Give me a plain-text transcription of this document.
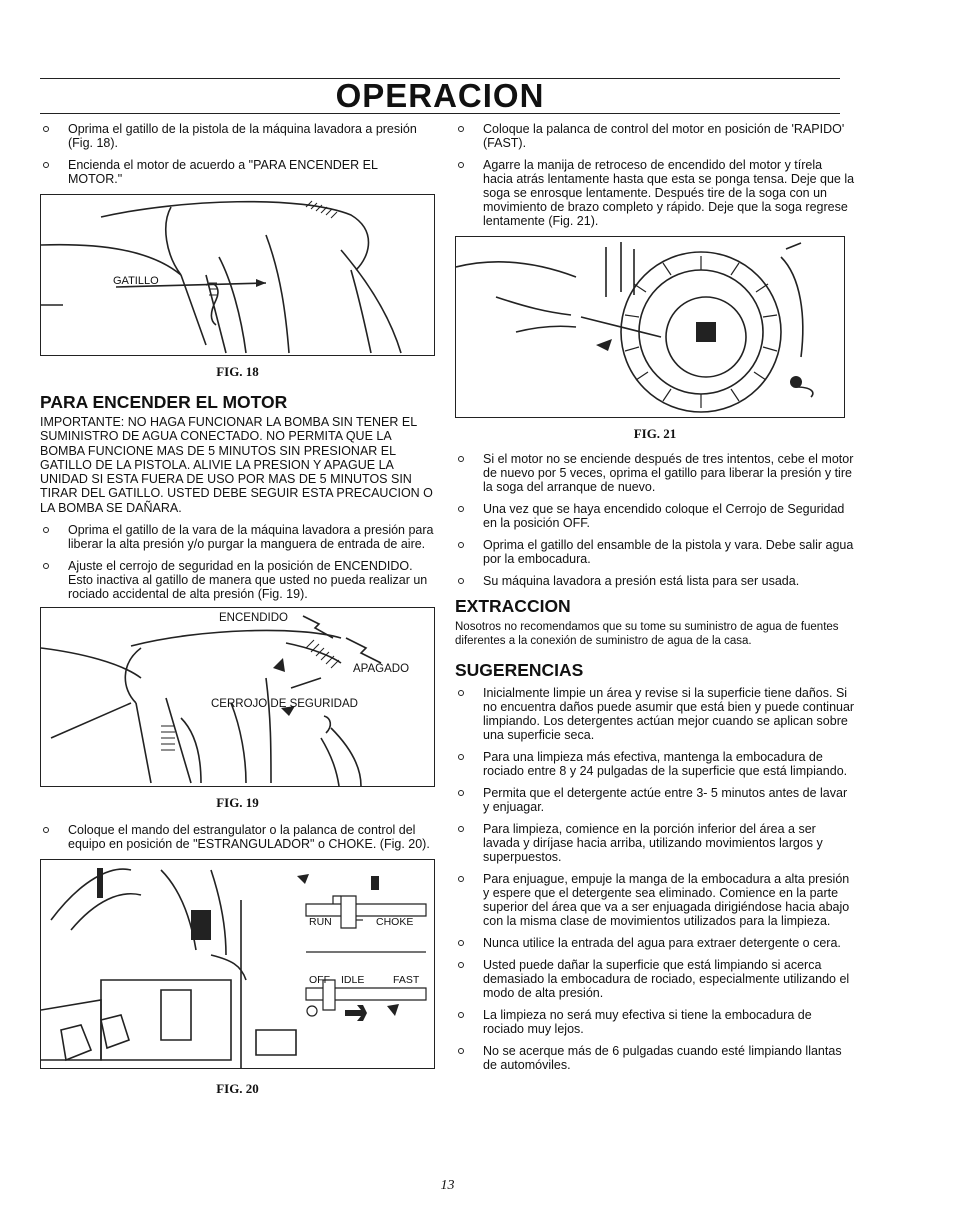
OPERACION
Oprima el gatillo de la pistola de la máquina lavadora a presión (Fig. 18).
Encienda el motor de acuerdo a "PARA ENCENDER EL MOTOR."
GATILLO
FIG. 18
PARA ENCENDER EL MOTOR
IMPORTANTE: NO HAGA FUNCIONAR LA BOMBA SIN TENER EL SUMINISTRO DE AGUA CONECTADO. NO PERMITA QUE LA BOMBA FUNCIONE MAS DE 5 MINUTOS SIN PRESIONAR EL GATILLO DE LA PISTOLA. ALIVIE LA PRESION Y APAGUE LA UNIDAD SI ESTA FUERA DE USO POR MAS DE 5 MINUTOS SIN TIRAR DEL GATILLO. USTED DEBE SEGUIR ESTA PRECAUCION O LA BOMBA SE DAÑARA.
Oprima el gatillo de la vara de la máquina lavadora a presión para liberar la alta presión y/o purgar la manguera de entrada de aire.
Ajuste el cerrojo de seguridad en la posición de ENCENDIDO. Esto inactiva al gatillo de manera que usted no pueda realizar un rociado accidental de alta presión (Fig. 19).
ENCENDIDO
APAGADO
CERROJO DE SEGURIDAD
FIG. 19
Coloque el mando del estrangulator o la palanca de control del equipo en posición de "ESTRANGULADOR" o CHOKE. (Fig. 20).
RUN	CHOKE
OFF IDLE	FAST
FIG. 20
Coloque la palanca de control del motor en posición de 'RAPIDO' (FAST).
Agarre la manija de retroceso de encendido del motor y tírela hacia atrás lentamente hasta que esta se ponga tensa. Deje que la soga se enrosque lentamente. Después tire de la soga con un movimiento de brazo completo y rápido. Deje que la soga regrese lentamente (Fig. 21).
FIG. 21
Si el motor no se enciende después de tres intentos, cebe el motor de nuevo por 5 veces, oprima el gatillo para liberar la presión y tire la soga del arranque de nuevo.
Una vez que se haya encendido coloque el Cerrojo de Seguridad en la posición OFF.
Oprima el gatillo del ensamble de la pistola y vara. Debe salir agua por la embocadura.
Su máquina lavadora a presión está lista para ser usada.
EXTRACCION
Nosotros no recomendamos que su tome su suministro de agua de fuentes diferentes a la conexión de suministro de agua de la casa.
SUGERENCIAS
Inicialmente limpie un área y revise si la superficie tiene daños. Si no encuentra daños puede asumir que está bien y puede continuar limpiando. Los detergentes actúan mejor cuando se aplican sobre una superficie seca.
Para una limpieza más efectiva, mantenga la embocadura de rociado entre 8 y 24 pulgadas de la superficie que está limpiando.
Permita que el detergente actúe entre 3- 5 minutos antes de lavar y enjuagar.
Para limpieza, comience en la porción inferior del área a ser lavada y diríjase hacia arriba, utilizando movimientos largos y superpuestos.
Para enjuague, empuje la manga de la embocadura a alta presión y espere que el detergente sea eliminado. Comience en la parte superior del área que va a ser enjuagada dirigiéndose hacia abajo con la misma clase de movimientos utilizados para la limpieza.
Nunca utilice la entrada del agua para extraer detergente o cera.
Usted puede dañar la superficie que está limpiando si acerca demasiado la embocadura de rociado, especialmente utilizando el modo de alta presión.
La limpieza no será muy efectiva si tiene la embocadura de rociado muy lejos.
No se acerque más de 6 pulgadas cuando esté limpiando llantas de automóviles.
13
